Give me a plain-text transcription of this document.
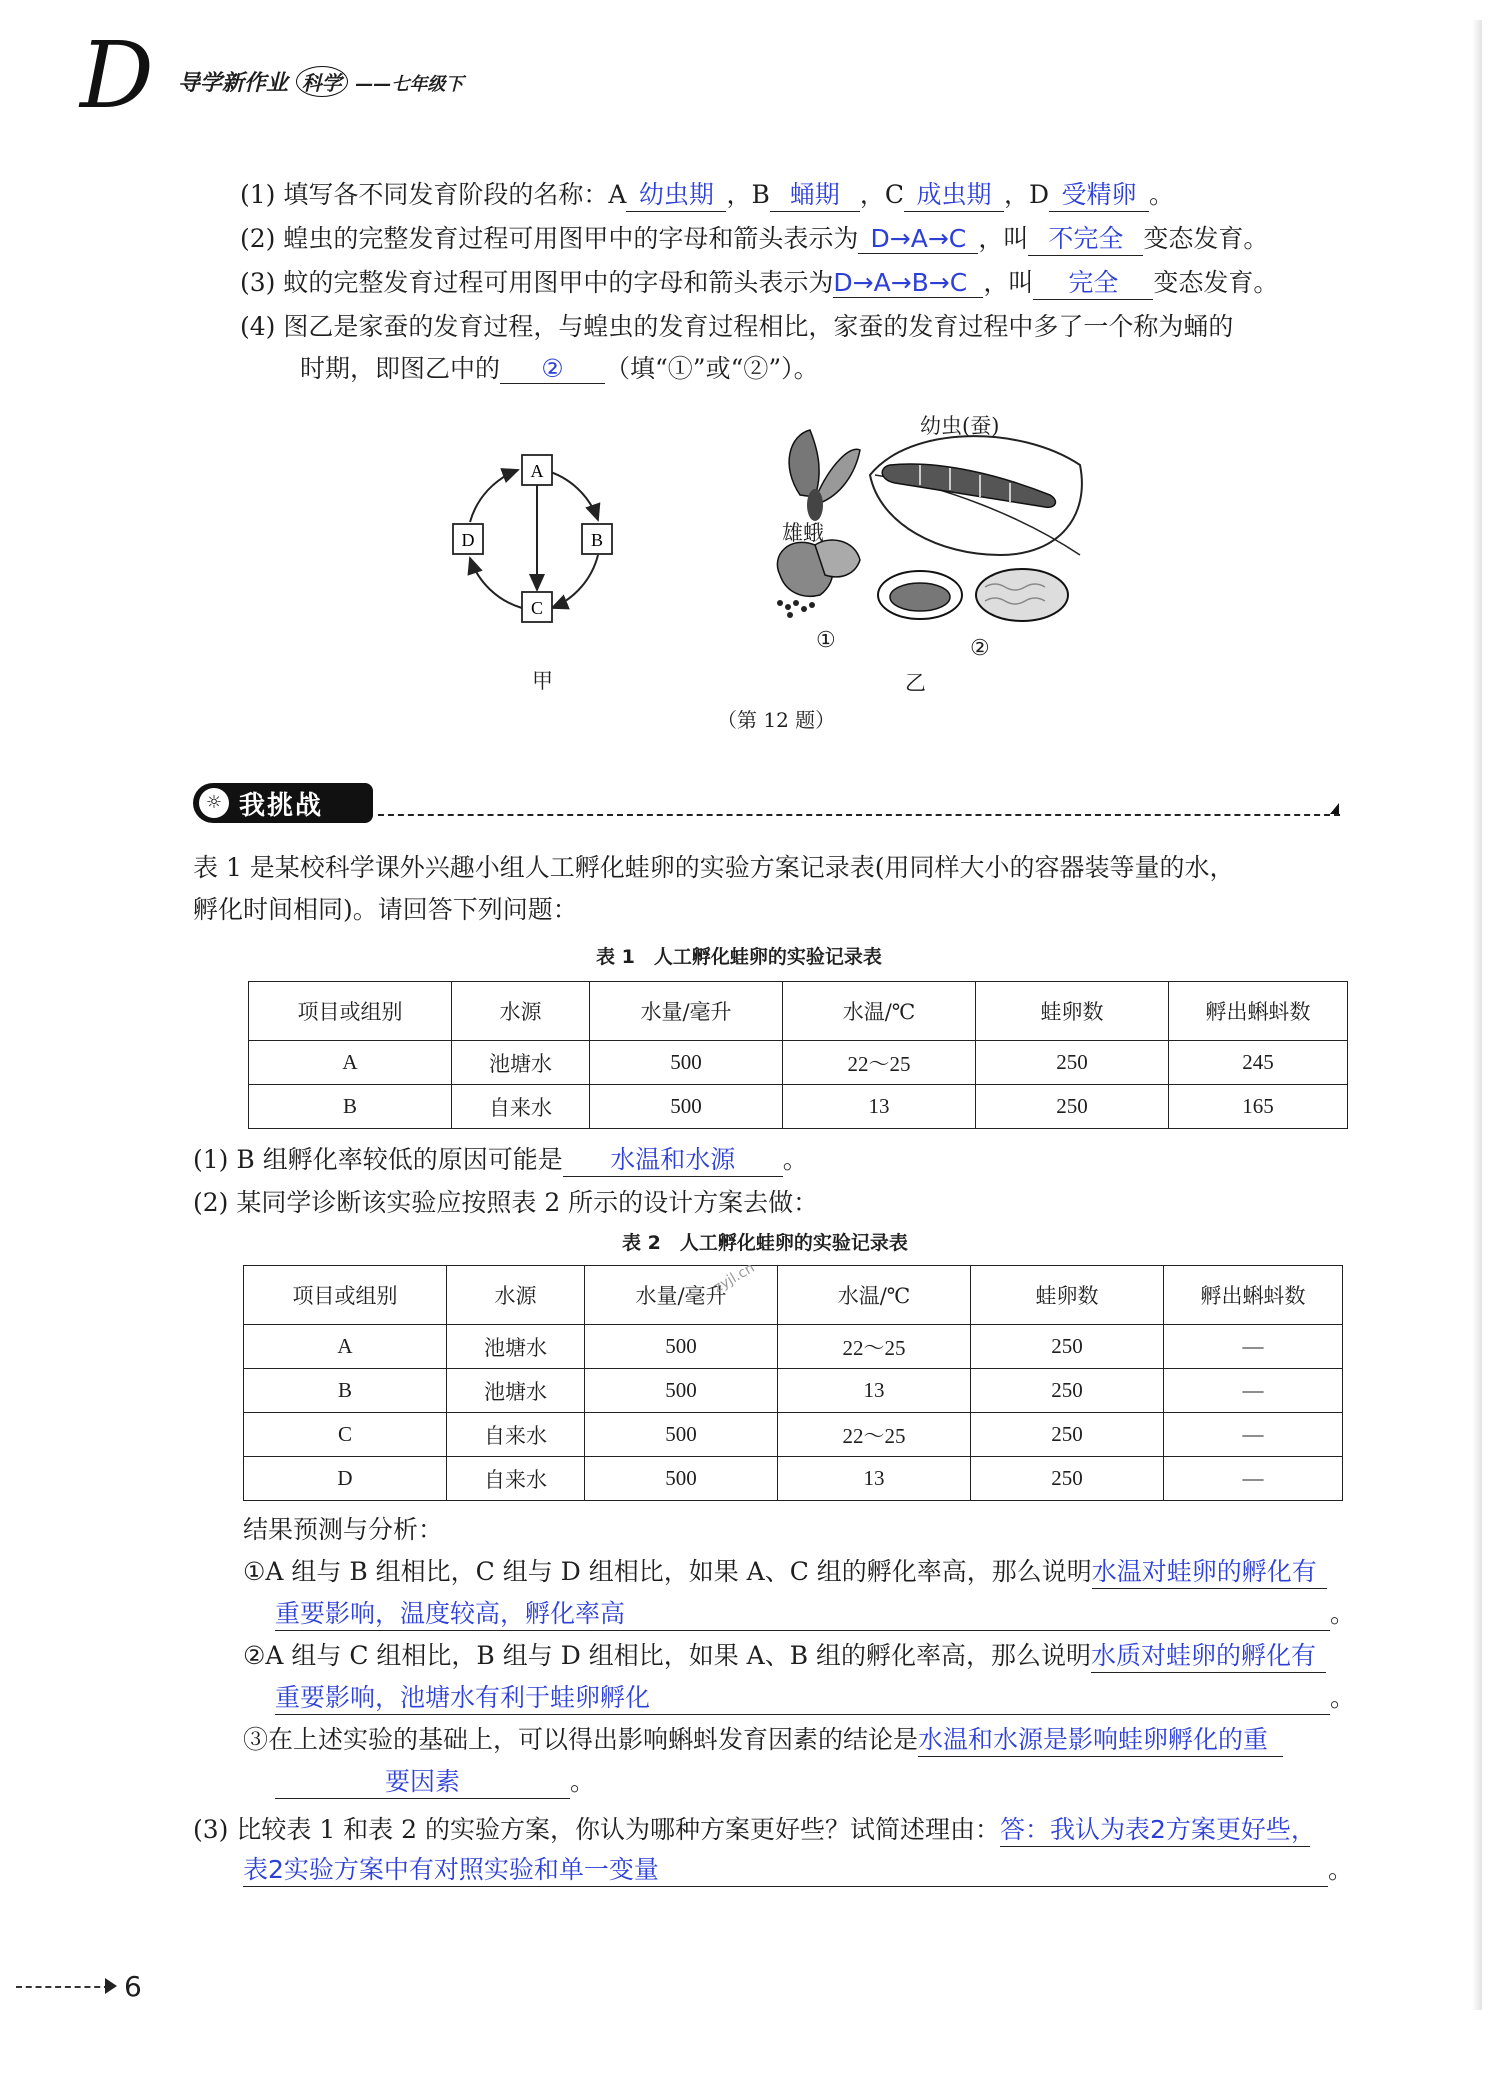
D 导学新作业 科学 ——七年级下
(1) 填写各不同发育阶段的名称：A 幼虫期 ，B 蛹期 ，C 成虫期 ，D 受精卵 。
(2) 蝗虫的完整发育过程可用图甲中的字母和箭头表示为 D→A→C ，叫 不完全 变态发育。
(3) 蚊的完整发育过程可用图甲中的字母和箭头表示为D→A→B→C ，叫 完全 变态发育。
(4) 图乙是家蚕的发育过程，与蝗虫的发育过程相比，家蚕的发育过程中多了一个称为蛹的
时期，即图乙中的 ② （填“①”或“②”）。
A
B
C
D
甲
幼虫(蚕)
雄蛾
①	②
乙
（第 12 题）
☼ 我挑战
表 1 是某校科学课外兴趣小组人工孵化蛙卵的实验方案记录表(用同样大小的容器装等量的水，
孵化时间相同)。请回答下列问题：
表 1　人工孵化蛙卵的实验记录表
项目或组别	水源	水量/毫升	水温/℃	蛙卵数	孵出蝌蚪数
A	池塘水	500	22～25	250	245
B	自来水	500	13	250	165
(1) B 组孵化率较低的原因可能是 水温和水源 。
(2) 某同学诊断该实验应按照表 2 所示的设计方案去做：
表 2　人工孵化蛙卵的实验记录表
项目或组别	水源	水量/毫升	水温/℃	蛙卵数	孵出蝌蚪数
A	池塘水	500	22～25	250	—
B	池塘水	500	13	250	—
C	自来水	500	22～25	250	—
D	自来水	500	13	250	—
zyjl.cn
结果预测与分析：
①A 组与 B 组相比，C 组与 D 组相比，如果 A、C 组的孵化率高，那么说明水温对蛙卵的孵化有
重要影响，温度较高，孵化率高	。
②A 组与 C 组相比，B 组与 D 组相比，如果 A、B 组的孵化率高，那么说明水质对蛙卵的孵化有
重要影响，池塘水有利于蛙卵孵化	。
③在上述实验的基础上，可以得出影响蝌蚪发育因素的结论是水温和水源是影响蛙卵孵化的重
要因素	。
(3) 比较表 1 和表 2 的实验方案，你认为哪种方案更好些？试简述理由：答：我认为表2方案更好些，
表2实验方案中有对照实验和单一变量	。
6
